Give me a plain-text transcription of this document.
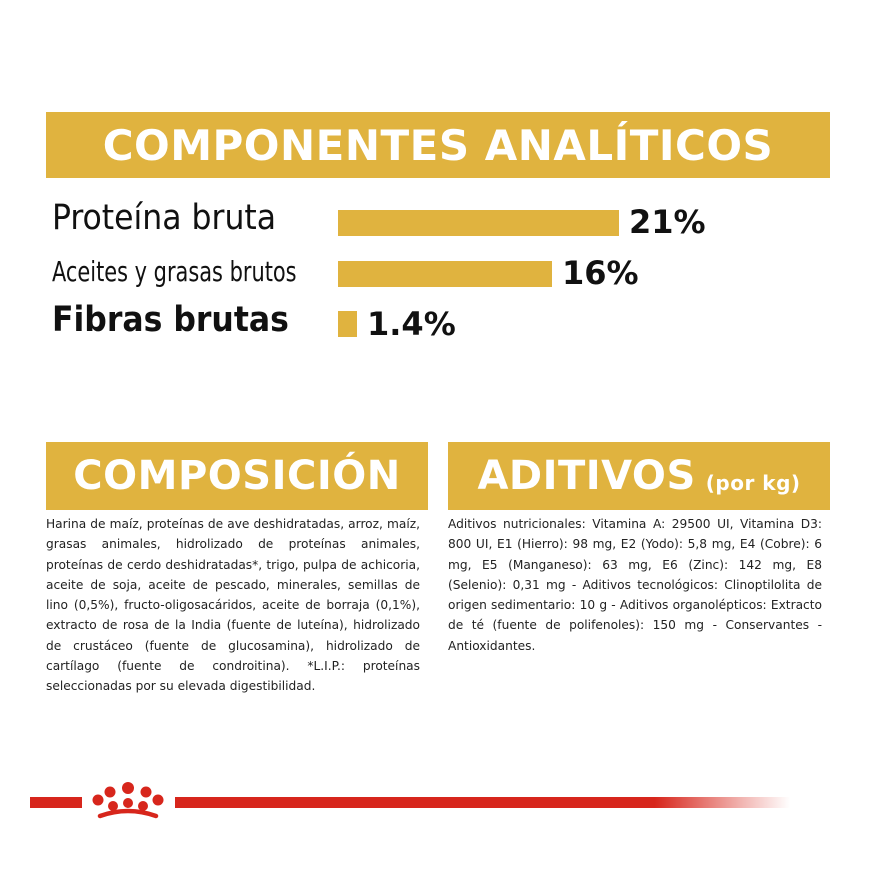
COMPONENTES ANALÍTICOS
Proteína bruta	21%
Aceites y grasas brutos	16%
Fibras brutas 1.4%
COMPOSICIÓN
Harina de maíz, proteínas de ave deshidratadas, arroz, maíz, grasas animales, hidrolizado de proteínas animales, proteínas de cerdo deshidratadas*, trigo, pulpa de achicoria, aceite de soja, aceite de pescado, minerales, semillas de lino (0,5%), fructo-oligosacáridos, aceite de borraja (0,1%), extracto de rosa de la India (fuente de luteína), hidrolizado de crustáceo (fuente de glucosamina), hidrolizado de cartílago (fuente de condroitina). *L.I.P.: proteínas seleccionadas por su elevada digestibilidad.
ADITIVOS (por kg)
Aditivos nutricionales: Vitamina A: 29500 UI, Vitamina D3: 800 UI, E1 (Hierro): 98 mg, E2 (Yodo): 5,8 mg, E4 (Cobre): 6 mg, E5 (Manganeso): 63 mg, E6 (Zinc): 142 mg, E8 (Selenio): 0,31 mg - Aditivos tecnológicos: Clinoptilolita de origen sedimentario: 10 g - Aditivos organolépticos: Extracto de té (fuente de polifenoles): 150 mg - Conservantes - Antioxidantes.
